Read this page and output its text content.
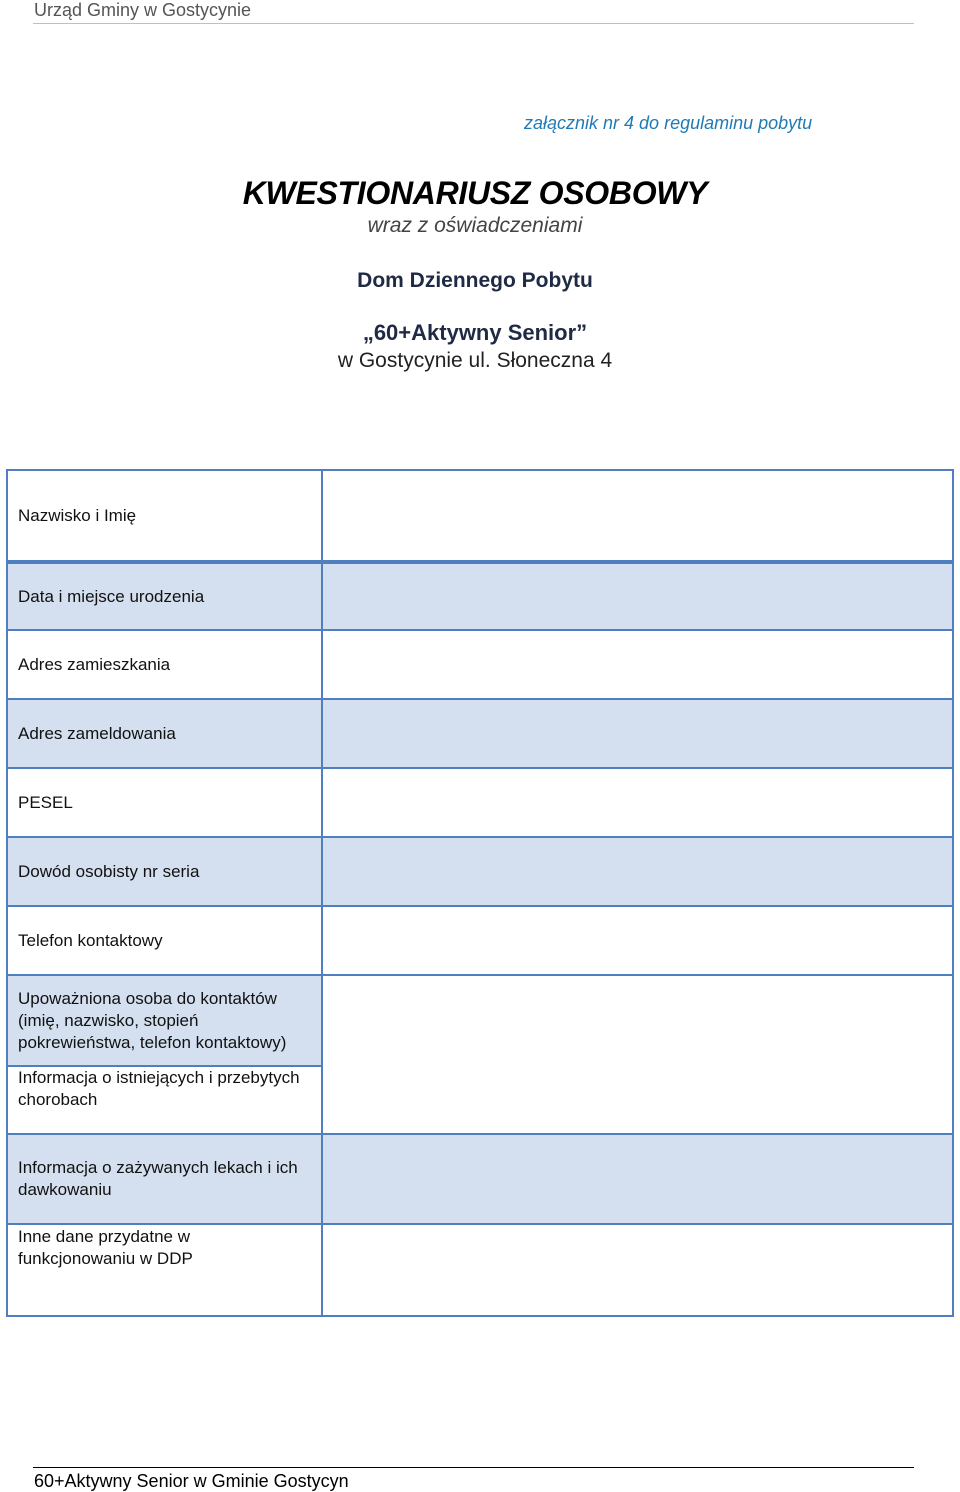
Urząd Gminy w Gostycynie
załącznik nr 4 do regulaminu pobytu
KWESTIONARIUSZ OSOBOWY
wraz z oświadczeniami
Dom Dziennego Pobytu
„60+Aktywny Senior”
w Gostycynie ul. Słoneczna 4
Nazwisko i Imię	
Data i miejsce urodzenia	
Adres zamieszkania	
Adres zameldowania	
PESEL	
Dowód osobisty nr seria	
Telefon kontaktowy	
Upoważniona osoba do kontaktów (imię, nazwisko, stopień pokrewieństwa, telefon kontaktowy)	
Informacja o istniejących i przebytych chorobach	
Informacja o zażywanych lekach i ich dawkowaniu	
Inne dane przydatne w funkcjonowaniu w DDP	
60+Aktywny Senior w Gminie Gostycyn
